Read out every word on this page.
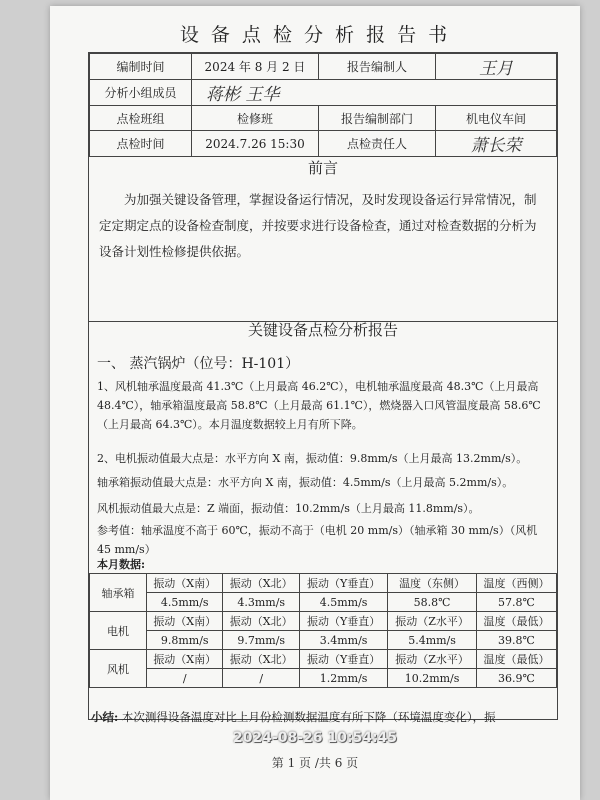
设 备 点 检 分 析 报 告 书
编制时间	2024 年 8 月 2 日	报告编制人	王月
分析小组成员	蒋彬 王华		
点检班组	检修班	报告编制部门	机电仪车间
点检时间	2024.7.26 15:30	点检责任人	萧长荣
前言
为加强关键设备管理，掌握设备运行情况，及时发现设备运行异常情况，制定定期定点的设备检查制度，并按要求进行设备检查，通过对检查数据的分析为设备计划性检修提供依据。
关键设备点检分析报告
一、 蒸汽锅炉（位号：H-101）
1、风机轴承温度最高 41.3℃（上月最高 46.2℃），电机轴承温度最高 48.3℃（上月最高 48.4℃），轴承箱温度最高 58.8℃（上月最高 61.1℃），燃烧器入口风管温度最高 58.6℃（上月最高 64.3℃）。本月温度数据较上月有所下降。
2、电机振动值最大点是：水平方向 X 南，振动值：9.8mm/s（上月最高 13.2mm/s）。
轴承箱振动值最大点是：水平方向 X 南，振动值：4.5mm/s（上月最高 5.2mm/s）。
风机振动值最大点是：Z 端面，振动值：10.2mm/s（上月最高 11.8mm/s）。
参考值：轴承温度不高于 60℃，振动不高于（电机 20 mm/s）（轴承箱 30 mm/s）（风机 45 mm/s）
本月数据:
轴承箱	振动（X南）	振动（X北）	振动（Y垂直）	温度（东侧）	温度（西侧）
	4.5mm/s	4.3mm/s	4.5mm/s	58.8℃	57.8℃
电机	振动（X南）	振动（X北）	振动（Y垂直）	振动（Z水平）	温度（最低）
	9.8mm/s	9.7mm/s	3.4mm/s	5.4mm/s	39.8℃
风机	振动（X南）	振动（X北）	振动（Y垂直）	振动（Z水平）	温度（最低）
	/	/	1.2mm/s	10.2mm/s	36.9℃
小结: 本次测得设备温度对比上月份检测数据温度有所下降（环境温度变化），振
2024-08-26 10:54:45
第 1 页 /共 6 页
